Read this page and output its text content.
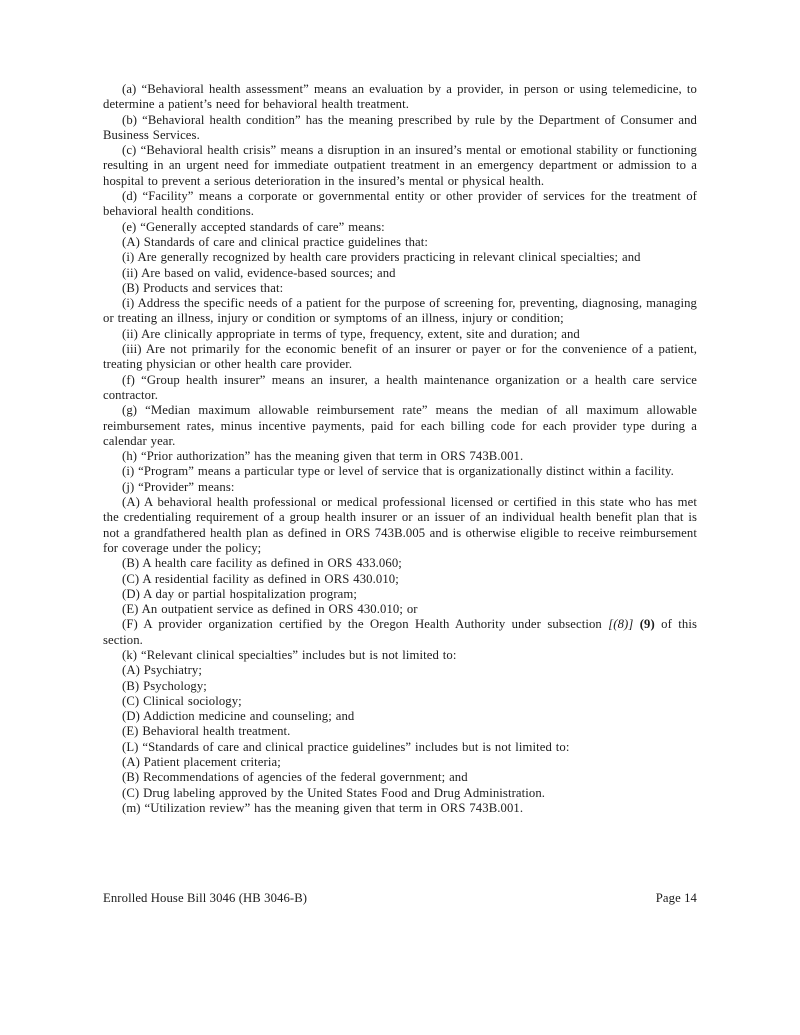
(a) “Behavioral health assessment” means an evaluation by a provider, in person or using telemedicine, to determine a patient’s need for behavioral health treatment.

(b) “Behavioral health condition” has the meaning prescribed by rule by the Department of Consumer and Business Services.

(c) “Behavioral health crisis” means a disruption in an insured’s mental or emotional stability or functioning resulting in an urgent need for immediate outpatient treatment in an emergency department or admission to a hospital to prevent a serious deterioration in the insured’s mental or physical health.

(d) “Facility” means a corporate or governmental entity or other provider of services for the treatment of behavioral health conditions.

(e) “Generally accepted standards of care” means:

(A) Standards of care and clinical practice guidelines that:

(i) Are generally recognized by health care providers practicing in relevant clinical specialties; and

(ii) Are based on valid, evidence-based sources; and

(B) Products and services that:

(i) Address the specific needs of a patient for the purpose of screening for, preventing, diagnosing, managing or treating an illness, injury or condition or symptoms of an illness, injury or condition;

(ii) Are clinically appropriate in terms of type, frequency, extent, site and duration; and

(iii) Are not primarily for the economic benefit of an insurer or payer or for the convenience of a patient, treating physician or other health care provider.

(f) “Group health insurer” means an insurer, a health maintenance organization or a health care service contractor.

(g) “Median maximum allowable reimbursement rate” means the median of all maximum allowable reimbursement rates, minus incentive payments, paid for each billing code for each provider type during a calendar year.

(h) “Prior authorization” has the meaning given that term in ORS 743B.001.

(i) “Program” means a particular type or level of service that is organizationally distinct within a facility.

(j) “Provider” means:

(A) A behavioral health professional or medical professional licensed or certified in this state who has met the credentialing requirement of a group health insurer or an issuer of an individual health benefit plan that is not a grandfathered health plan as defined in ORS 743B.005 and is otherwise eligible to receive reimbursement for coverage under the policy;

(B) A health care facility as defined in ORS 433.060;

(C) A residential facility as defined in ORS 430.010;

(D) A day or partial hospitalization program;

(E) An outpatient service as defined in ORS 430.010; or

(F) A provider organization certified by the Oregon Health Authority under subsection [(8)] (9) of this section.

(k) “Relevant clinical specialties” includes but is not limited to:

(A) Psychiatry;

(B) Psychology;

(C) Clinical sociology;

(D) Addiction medicine and counseling; and

(E) Behavioral health treatment.

(L) “Standards of care and clinical practice guidelines” includes but is not limited to:

(A) Patient placement criteria;

(B) Recommendations of agencies of the federal government; and

(C) Drug labeling approved by the United States Food and Drug Administration.

(m) “Utilization review” has the meaning given that term in ORS 743B.001.

Enrolled House Bill 3046 (HB 3046-B)	Page 14
